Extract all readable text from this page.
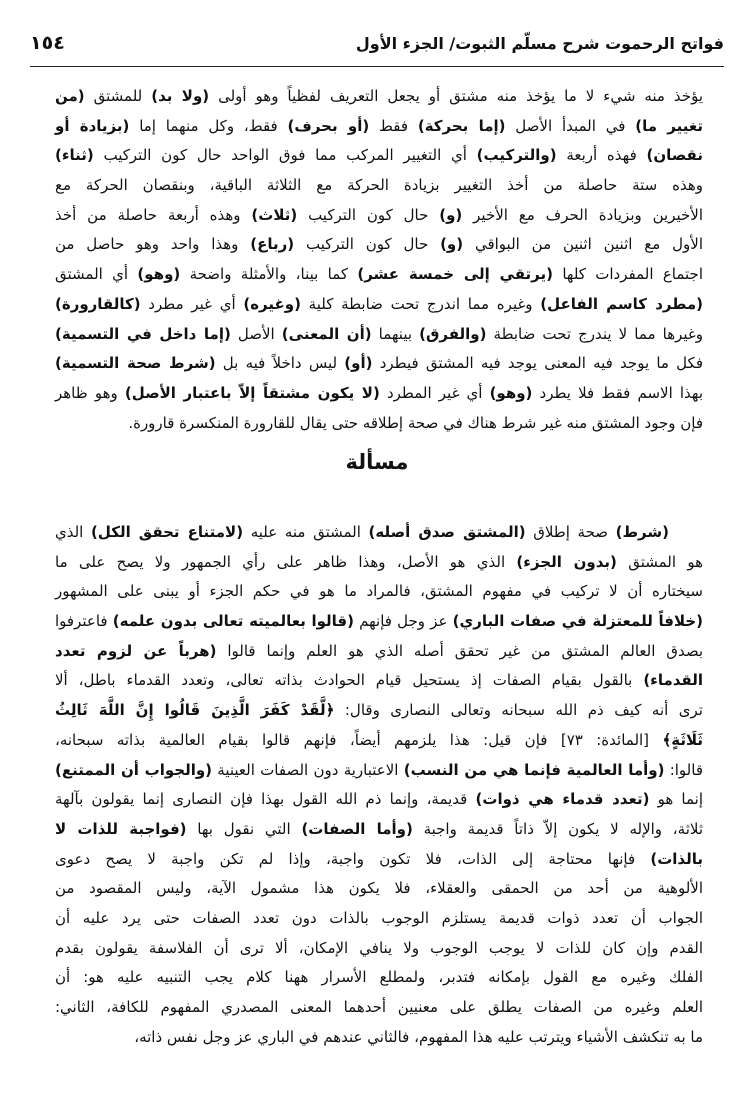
فواتح الرحموت شرح مسلّم الثبوت/ الجزء الأول
١٥٤
يؤخذ منه شيء لا ما يؤخذ منه مشتق أو يجعل التعريف لفظياً وهو أولى (ولا بد) للمشتق (من
تغيير ما) في المبدأ الأصل (إما بحركة) فقط (أو بحرف) فقط، وكل منهما إما (بزيادة أو
نقصان) فهذه أربعة (والتركيب) أي التغيير المركب مما فوق الواحد حال كون التركيب (ثناء)
وهذه ستة حاصلة من أخذ التغيير بزيادة الحركة مع الثلاثة الباقية، وبنقصان الحركة مع
الأخيرين وبزيادة الحرف مع الأخير (و) حال كون التركيب (ثلاث) وهذه أربعة حاصلة من أخذ
الأول مع اثنين اثنين من البواقي (و) حال كون التركيب (رباع) وهذا واحد وهو حاصل من
اجتماع المفردات كلها (يرتقي إلى خمسة عشر) كما بينا، والأمثلة واضحة (وهو) أي المشتق
(مطرد كاسم الفاعل) وغيره مما اندرج تحت ضابطة كلية (وغيره) أي غير مطرد (كالقارورة)
وغيرها مما لا يندرج تحت ضابطة (والفرق) بينهما (أن المعنى) الأصل (إما داخل في التسمية)
فكل ما يوجد فيه المعنى يوجد فيه المشتق فيطرد (أو) ليس داخلاً فيه بل (شرط صحة التسمية)
بهذا الاسم فقط فلا يطرد (وهو) أي غير المطرد (لا يكون مشتقاً إلاّ باعتبار الأصل) وهو ظاهر
فإن وجود المشتق منه غير شرط هناك في صحة إطلاقه حتى يقال للقارورة المنكسرة قارورة.
مسألة
(شرط) صحة إطلاق (المشتق صدق أصله) المشتق منه عليه (لامتناع تحقق الكل) الذي
هو المشتق (بدون الجزء) الذي هو الأصل، وهذا ظاهر على رأي الجمهور ولا يصح على ما
سيختاره أن لا تركيب في مفهوم المشتق، فالمراد ما هو في حكم الجزء أو يبنى على المشهور
(خلافاً للمعتزلة في صفات الباري) عز وجل فإنهم (قالوا بعالميته تعالى بدون علمه) فاعترفوا
بصدق العالم المشتق من غير تحقق أصله الذي هو العلم وإنما قالوا (هرباً عن لزوم تعدد
القدماء) بالقول بقيام الصفات إذ يستحيل قيام الحوادث بذاته تعالى، وتعدد القدماء باطل، ألا
ترى أنه كيف ذم الله سبحانه وتعالى النصارى وقال: ﴿لَّقَدْ كَفَرَ الَّذِينَ قَالُوا إِنَّ اللَّهَ ثَالِثُ
ثَلَاثَةٍ﴾ [المائدة: ٧٣] فإن قيل: هذا يلزمهم أيضاً، فإنهم قالوا بقيام العالمية بذاته سبحانه،
قالوا: (وأما العالمية فإنما هي من النسب) الاعتبارية دون الصفات العينية (والجواب أن الممتنع)
إنما هو (تعدد قدماء هي ذوات) قديمة، وإنما ذم الله القول بهذا فإن النصارى إنما يقولون بآلهة
ثلاثة، والإله لا يكون إلاّ ذاتاً قديمة واجبة (وأما الصفات) التي نقول بها (فواجبة للذات لا
بالذات) فإنها محتاجة إلى الذات، فلا تكون واجبة، وإذا لم تكن واجبة لا يصح دعوى
الألوهية من أحد من الحمقى والعقلاء، فلا يكون هذا مشمول الآية، وليس المقصود من
الجواب أن تعدد ذوات قديمة يستلزم الوجوب بالذات دون تعدد الصفات حتى يرد عليه أن
القدم وإن كان للذات لا يوجب الوجوب ولا ينافي الإمكان، ألا ترى أن الفلاسفة يقولون بقدم
الفلك وغيره مع القول بإمكانه فتدبر، ولمطلع الأسرار ههنا كلام يجب التنبيه عليه هو: أن
العلم وغيره من الصفات يطلق على معنيين أحدهما المعنى المصدري المفهوم للكافة، الثاني:
ما به تنكشف الأشياء ويترتب عليه هذا المفهوم، فالثاني عندهم في الباري عز وجل نفس ذاته،
